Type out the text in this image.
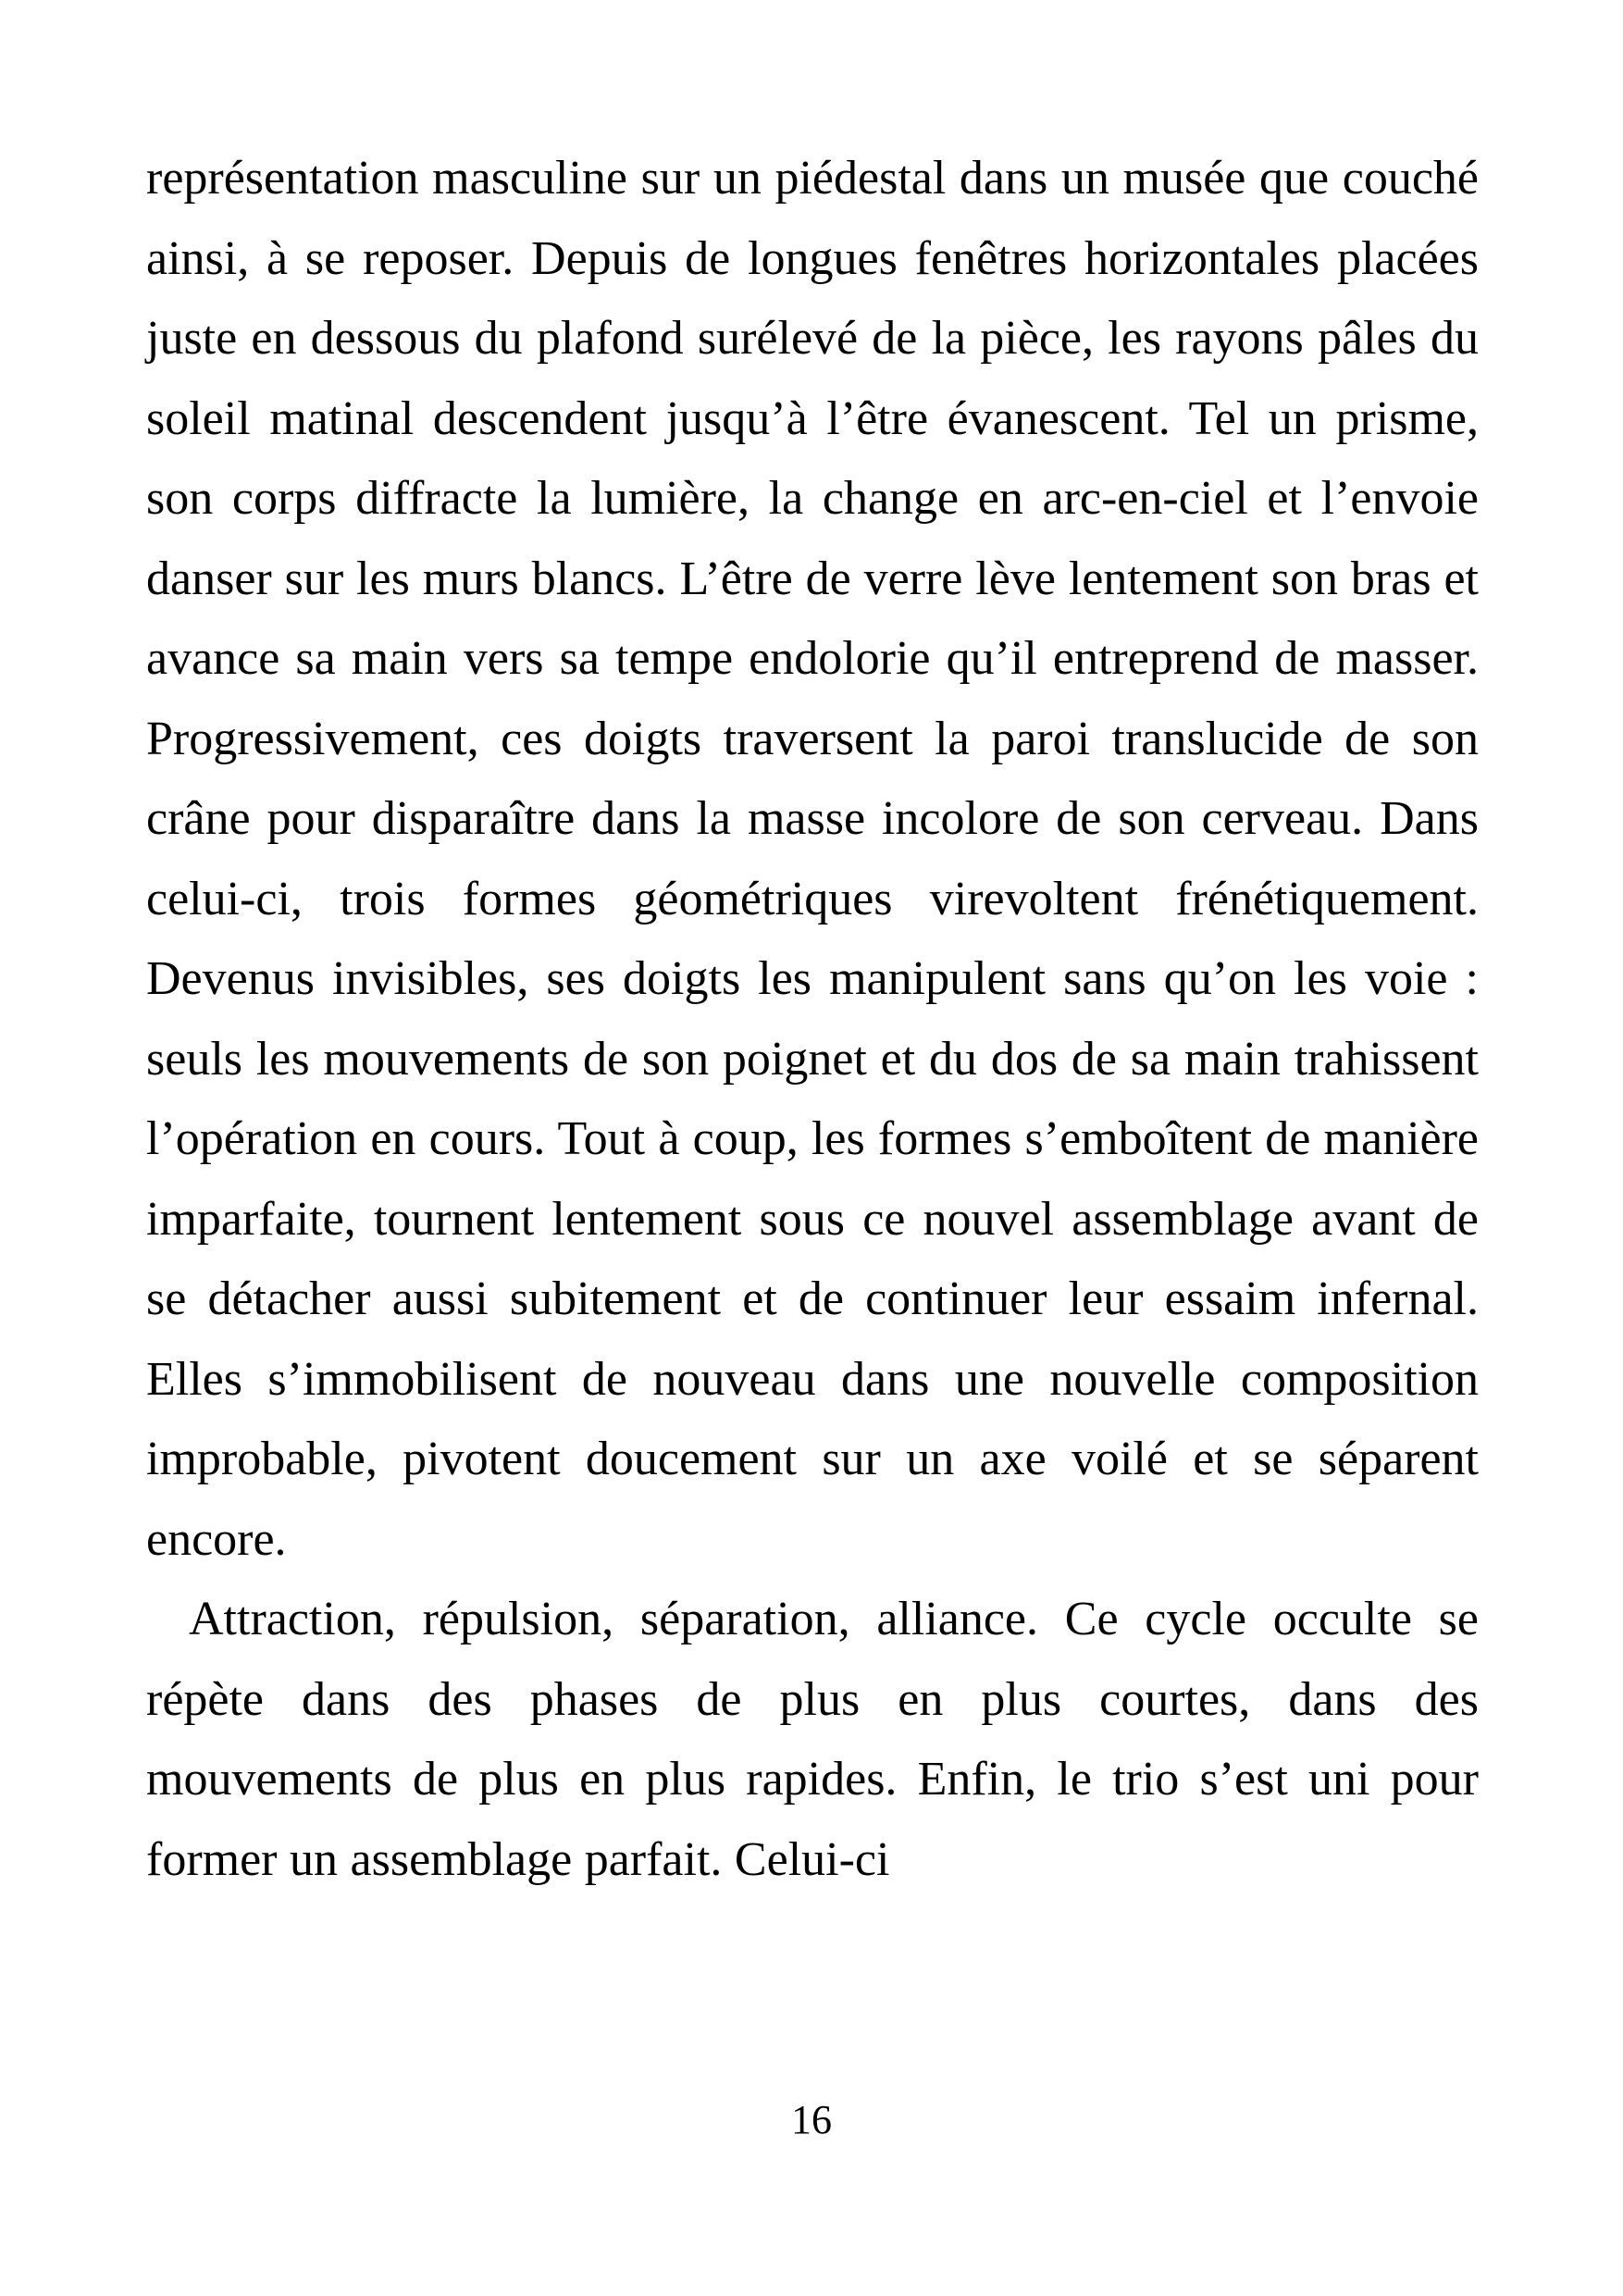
représentation masculine sur un piédestal dans un musée que couché ainsi, à se reposer. Depuis de longues fenêtres horizontales placées juste en dessous du plafond surélevé de la pièce, les rayons pâles du soleil matinal descendent jusqu’à l’être évanescent. Tel un prisme, son corps diffracte la lumière, la change en arc-en-ciel et l’envoie danser sur les murs blancs. L’être de verre lève lentement son bras et avance sa main vers sa tempe endolorie qu’il entreprend de masser. Progressivement, ces doigts traversent la paroi translucide de son crâne pour disparaître dans la masse incolore de son cerveau. Dans celui-ci, trois formes géométriques virevoltent frénétiquement. Devenus invisibles, ses doigts les manipulent sans qu’on les voie : seuls les mouvements de son poignet et du dos de sa main trahissent l’opération en cours. Tout à coup, les formes s’emboîtent de manière imparfaite, tournent lentement sous ce nouvel assemblage avant de se détacher aussi subitement et de continuer leur essaim infernal. Elles s’immobilisent de nouveau dans une nouvelle composition improbable, pivotent doucement sur un axe voilé et se séparent encore.

Attraction, répulsion, séparation, alliance. Ce cycle occulte se répète dans des phases de plus en plus courtes, dans des mouvements de plus en plus rapides. Enfin, le trio s’est uni pour former un assemblage parfait. Celui-ci

16
